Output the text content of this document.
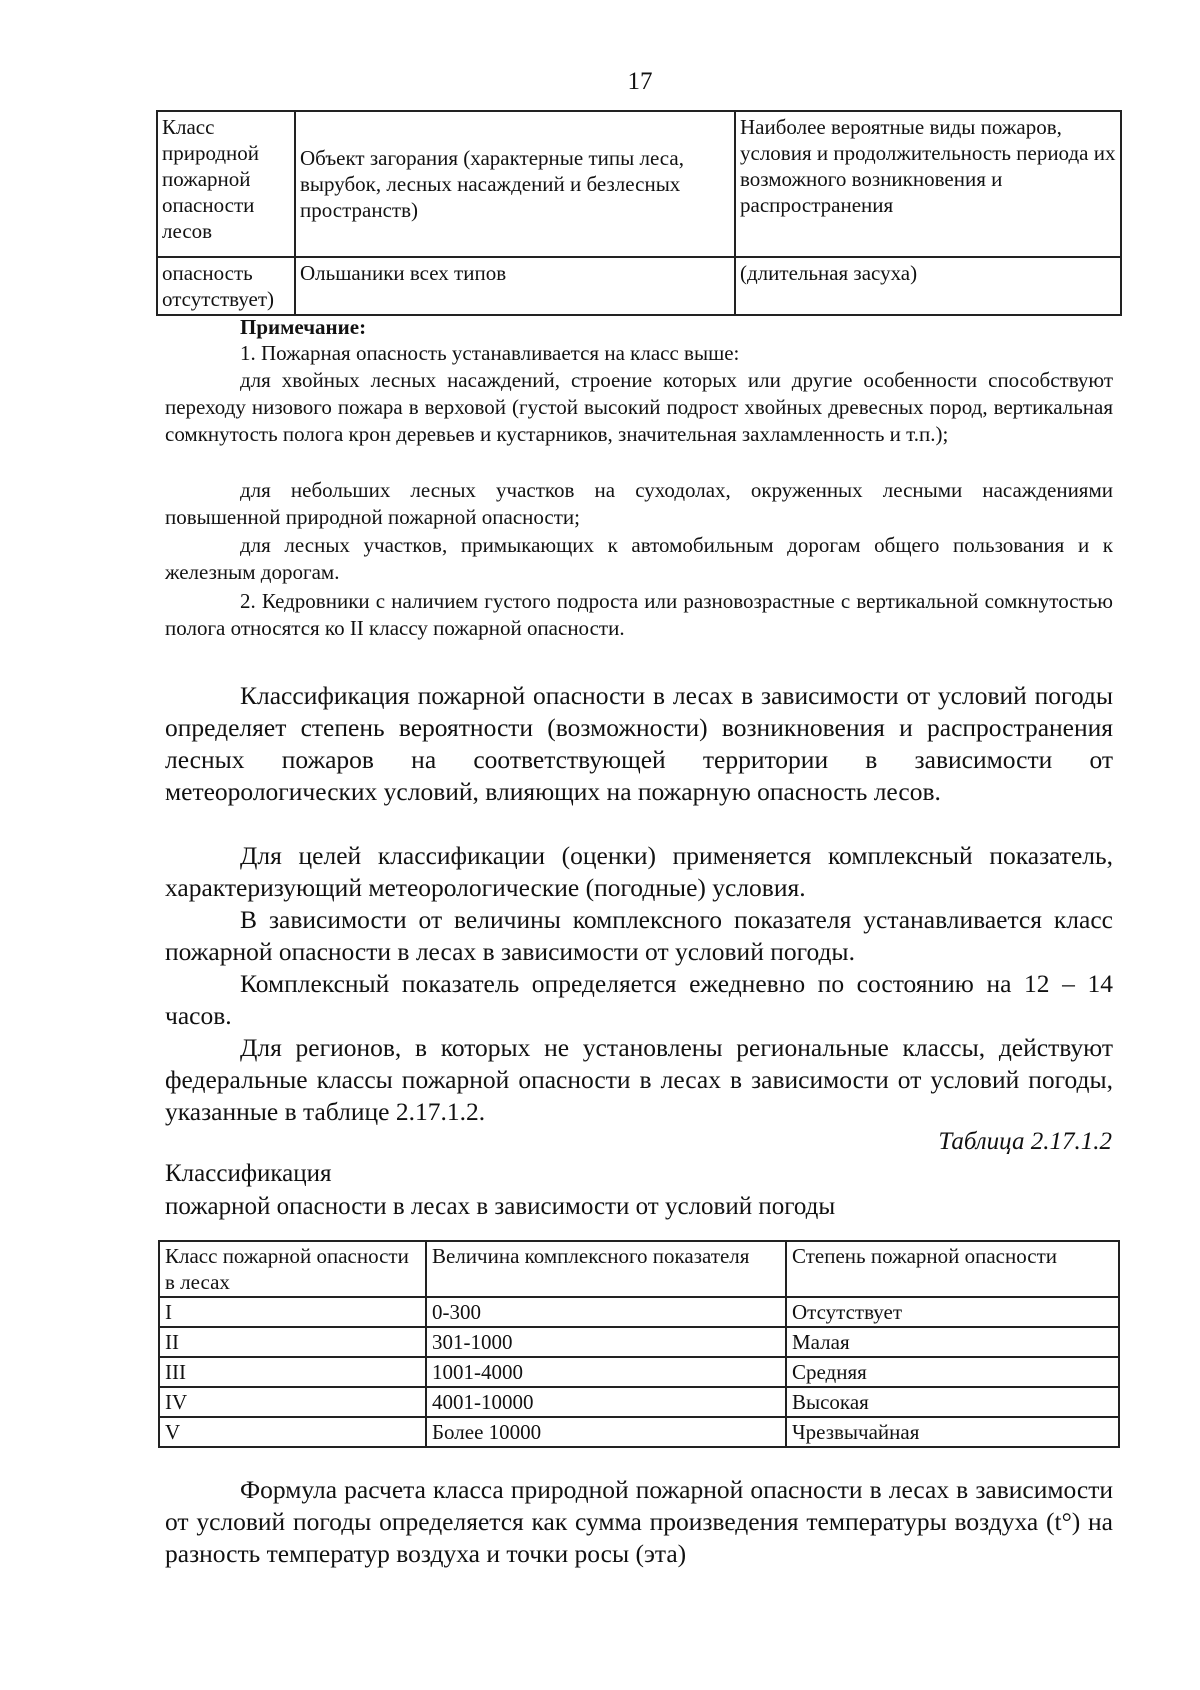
17
Класс природной пожарной опасности лесов	Объект загорания (характерные типы леса, вырубок, лесных насаждений и безлесных пространств)	Наиболее вероятные виды пожаров, условия и продолжительность периода их возможного возникновения и распространения
опасность отсутствует)	Ольшаники всех типов	(длительная засуха)
Примечание:
1. Пожарная опасность устанавливается на класс выше:
для хвойных лесных насаждений, строение которых или другие особенности способствуют переходу низового пожара в верховой (густой высокий подрост хвойных древесных пород, вертикальная сомкнутость полога крон деревьев и кустарников, значительная захламленность и т.п.);
для небольших лесных участков на суходолах, окруженных лесными насаждениями повышенной природной пожарной опасности;
для лесных участков, примыкающих к автомобильным дорогам общего пользования и к железным дорогам.
2. Кедровники с наличием густого подроста или разновозрастные с вертикальной сомкнутостью полога относятся ко II классу пожарной опасности.
Классификация пожарной опасности в лесах в зависимости от условий погоды определяет степень вероятности (возможности) возникновения и распространения лесных пожаров на соответствующей территории в зависимости от метеорологических условий, влияющих на пожарную опасность лесов.
Для целей классификации (оценки) применяется комплексный показатель, характеризующий метеорологические (погодные) условия.
В зависимости от величины комплексного показателя устанавливается класс пожарной опасности в лесах в зависимости от условий погоды.
Комплексный показатель определяется ежедневно по состоянию на 12 – 14 часов.
Для регионов, в которых не установлены региональные классы, действуют федеральные классы пожарной опасности в лесах в зависимости от условий погоды, указанные в таблице 2.17.1.2.
Таблица 2.17.1.2
Классификация
пожарной опасности в лесах в зависимости от условий погоды
Класс пожарной опасности в лесах	Величина комплексного показателя	Степень пожарной опасности
I	0-300	Отсутствует
II	301-1000	Малая
III	1001-4000	Средняя
IV	4001-10000	Высокая
V	Более 10000	Чрезвычайная
Формула расчета класса природной пожарной опасности в лесах в зависимости от условий погоды определяется как сумма произведения температуры воздуха (t°) на разность температур воздуха и точки росы (эта)
